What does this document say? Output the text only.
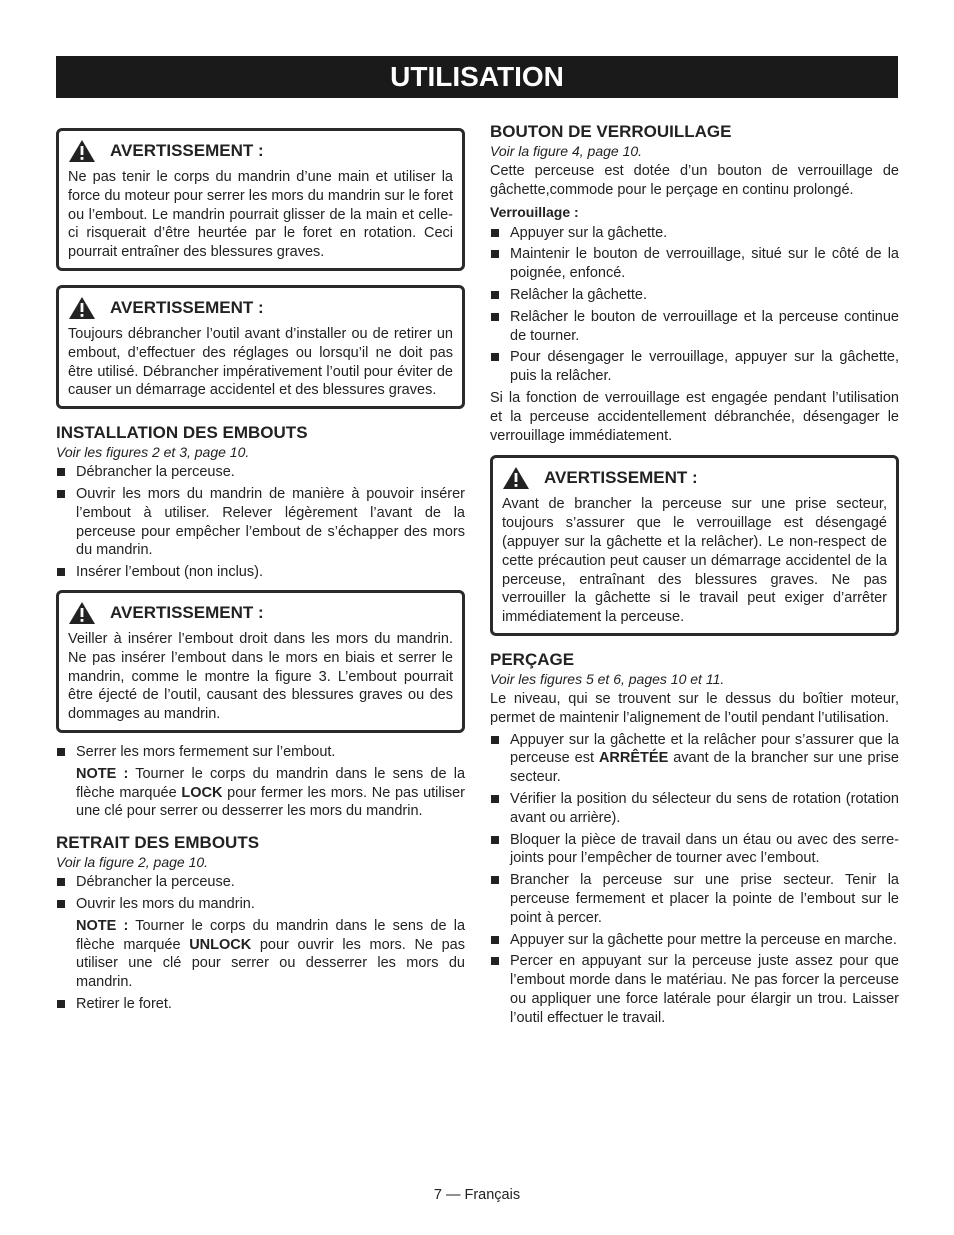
UTILISATION
AVERTISSEMENT :
Ne pas tenir le corps du mandrin d’une main et utiliser la force du moteur pour serrer les mors du mandrin sur le foret ou l’embout. Le mandrin pourrait glisser de la main et celle-ci risquerait d’être heurtée par le foret en rotation. Ceci pourrait entraîner des blessures graves.
AVERTISSEMENT :
Toujours débrancher l’outil avant d’installer ou de retirer un embout, d’effectuer des réglages ou lorsqu’il ne doit pas être utilisé. Débrancher impérativement l’outil pour éviter de causer un démarrage accidentel et des blessures graves.
INSTALLATION DES EMBOUTS
Voir les figures 2 et 3, page 10.
Débrancher la perceuse.
Ouvrir les mors du mandrin de manière à pouvoir insérer l’embout à utiliser. Relever légèrement l’avant de la perceuse pour empêcher l’embout de s’échapper des mors du mandrin.
Insérer l’embout (non inclus).
AVERTISSEMENT :
Veiller à insérer l’embout droit dans les mors du mandrin. Ne pas insérer l’embout dans le mors en biais et serrer le mandrin, comme le montre la figure 3. L’embout pourrait être éjecté de l’outil, causant des blessures graves ou des dommages au mandrin.
Serrer les mors fermement sur l’embout.
NOTE : Tourner le corps du mandrin dans le sens de la flèche marquée LOCK pour fermer les mors. Ne pas utiliser une clé pour serrer ou desserrer les mors du mandrin.
RETRAIT DES EMBOUTS
Voir la figure 2, page 10.
Débrancher la perceuse.
Ouvrir les mors du mandrin.
NOTE : Tourner le corps du mandrin dans le sens de la flèche marquée UNLOCK pour ouvrir les mors. Ne pas utiliser une clé pour serrer ou desserrer les mors du mandrin.
Retirer le foret.
BOUTON DE VERROUILLAGE
Voir la figure 4, page 10.

Cette perceuse est dotée d’un bouton de verrouillage de gâchette,commode pour le perçage en continu prolongé.

Verrouillage :
Appuyer sur la gâchette.
Maintenir le bouton de verrouillage, situé sur le côté de la poignée, enfoncé.
Relâcher la gâchette.
Relâcher le bouton de verrouillage et la perceuse continue de tourner.
Pour désengager le verrouillage, appuyer sur la gâchette, puis la relâcher.

Si la fonction de verrouillage est engagée pendant l’utilisation et la perceuse accidentellement débranchée, désengager le verrouillage immédiatement.

AVERTISSEMENT :
Avant de brancher la perceuse sur une prise secteur, toujours s’assurer que le verrouillage est désengagé (appuyer sur la gâchette et la relâcher). Le non-respect de cette précaution peut causer un démarrage accidentel de la perceuse, entraînant des blessures graves. Ne pas verrouiller la gâchette si le travail peut exiger d’arrêter immédiatement la perceuse.
PERÇAGE
Voir les figures 5 et 6, pages 10 et 11.

Le niveau, qui se trouvent sur le dessus du boîtier moteur, permet de maintenir l’alignement de l’outil pendant l’utilisation.

Appuyer sur la gâchette et la relâcher pour s’assurer que la perceuse est ARRÊTÉE avant de la brancher sur une prise secteur.
Vérifier la position du sélecteur du sens de rotation (rotation avant ou arrière).
Bloquer la pièce de travail dans un étau ou avec des serre-joints pour l’empêcher de tourner avec l’embout.
Brancher la perceuse sur une prise secteur. Tenir la perceuse fermement et placer la pointe de l’embout sur le point à percer.
Appuyer sur la gâchette pour mettre la perceuse en marche.
Percer en appuyant sur la perceuse juste assez pour que l’embout morde dans le matériau. Ne pas forcer la perceuse ou appliquer une force latérale pour élargir un trou. Laisser l’outil effectuer le travail.
7 — Français
